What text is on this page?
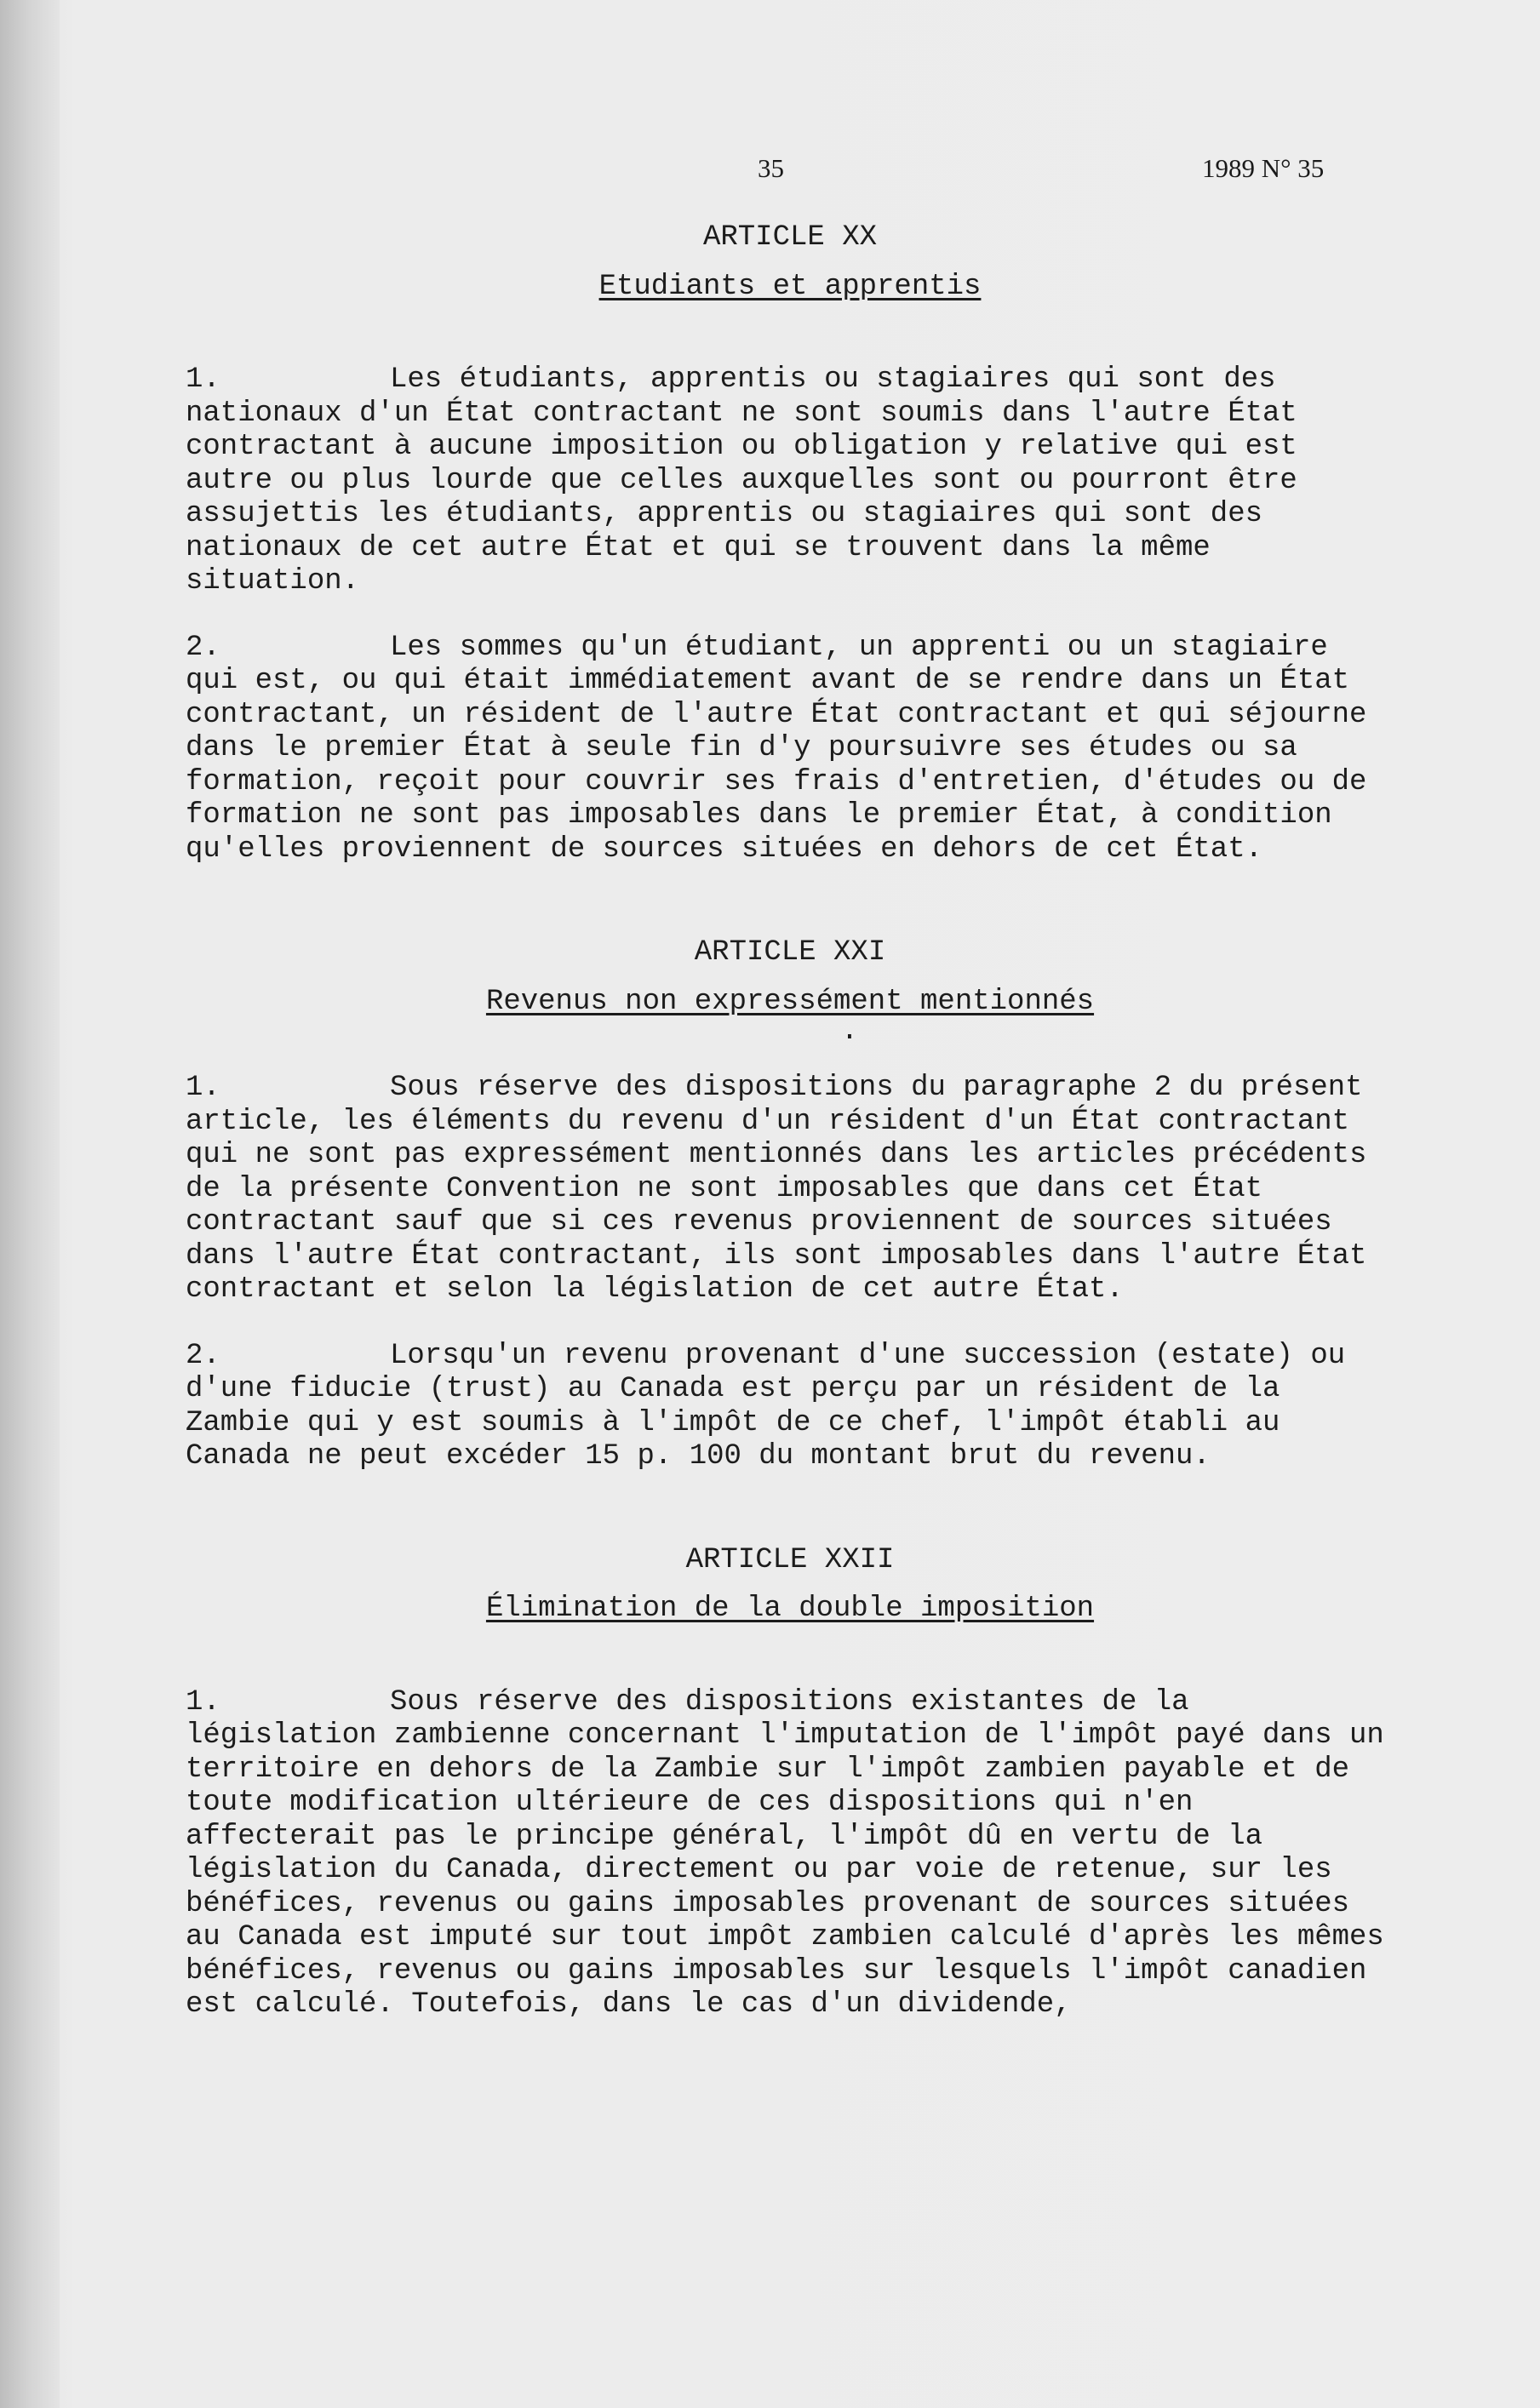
35	1989 N° 35

ARTICLE XX

Etudiants et apprentis

1.	Les étudiants, apprentis ou stagiaires qui sont des nationaux d'un État contractant ne sont soumis dans l'autre État contractant à aucune imposition ou obligation y relative qui est autre ou plus lourde que celles auxquelles sont ou pourront être assujettis les étudiants, apprentis ou stagiaires qui sont des nationaux de cet autre État et qui se trouvent dans la même situation.

2.	Les sommes qu'un étudiant, un apprenti ou un stagiaire qui est, ou qui était immédiatement avant de se rendre dans un État contractant, un résident de l'autre État contractant et qui séjourne dans le premier État à seule fin d'y poursuivre ses études ou sa formation, reçoit pour couvrir ses frais d'entretien, d'études ou de formation ne sont pas imposables dans le premier État, à condition qu'elles proviennent de sources situées en dehors de cet État.

ARTICLE XXI

Revenus non expressément mentionnés

.

1.	Sous réserve des dispositions du paragraphe 2 du présent article, les éléments du revenu d'un résident d'un État contractant qui ne sont pas expressément mentionnés dans les articles précédents de la présente Convention ne sont imposables que dans cet État contractant sauf que si ces revenus proviennent de sources situées dans l'autre État contractant, ils sont imposables dans l'autre État contractant et selon la législation de cet autre État.

2.	Lorsqu'un revenu provenant d'une succession (estate) ou d'une fiducie (trust) au Canada est perçu par un résident de la Zambie qui y est soumis à l'impôt de ce chef, l'impôt établi au Canada ne peut excéder 15 p. 100 du montant brut du revenu.

ARTICLE XXII

Élimination de la double imposition

1.	Sous réserve des dispositions existantes de la législation zambienne concernant l'imputation de l'impôt payé dans un territoire en dehors de la Zambie sur l'impôt zambien payable et de toute modification ultérieure de ces dispositions qui n'en affecterait pas le principe général, l'impôt dû en vertu de la législation du Canada, directement ou par voie de retenue, sur les bénéfices, revenus ou gains imposables provenant de sources situées au Canada est imputé sur tout impôt zambien calculé d'après les mêmes bénéfices, revenus ou gains imposables sur lesquels l'impôt canadien est calculé. Toutefois, dans le cas d'un dividende,
